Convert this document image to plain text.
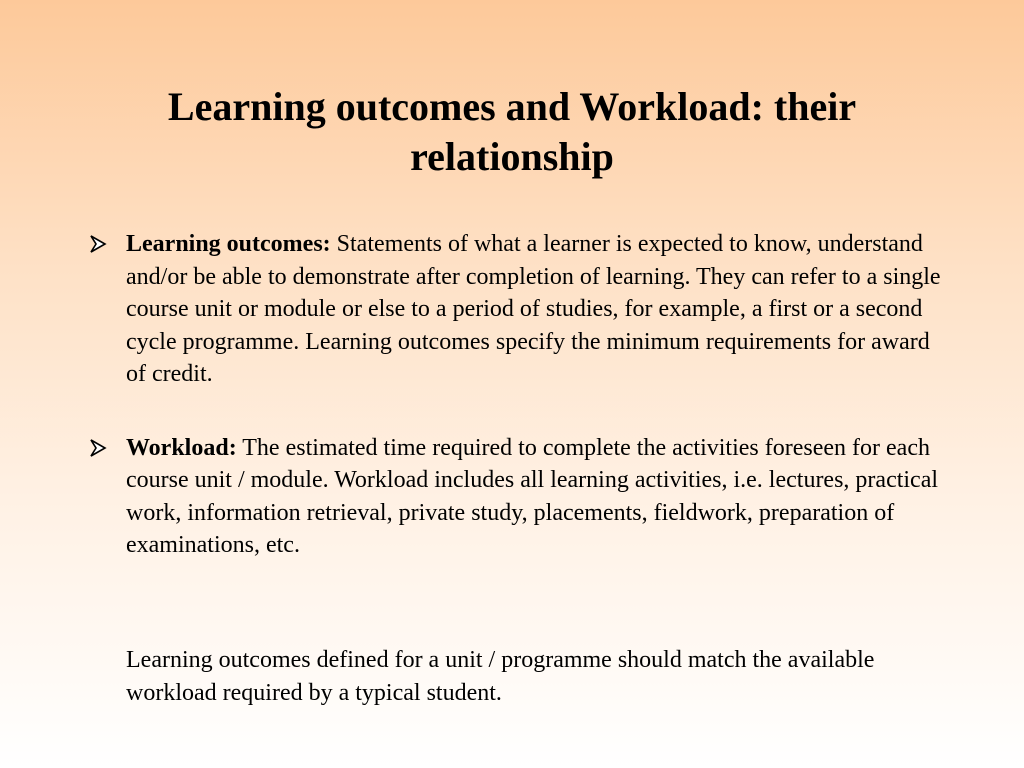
Learning outcomes and Workload: their
relationship
Learning outcomes: Statements of what a learner is expected to know, understand and/or be able to demonstrate after completion of learning. They can refer to a single course unit or module or else to a period of studies, for example, a first or a second cycle programme. Learning outcomes specify the minimum requirements for award of credit.
Workload: The estimated time required to complete the activities foreseen for each course unit / module. Workload includes all learning activities, i.e. lectures, practical work, information retrieval, private study, placements, fieldwork, preparation of examinations, etc.

Learning outcomes defined for a unit / programme should match the available workload required by a typical student.
